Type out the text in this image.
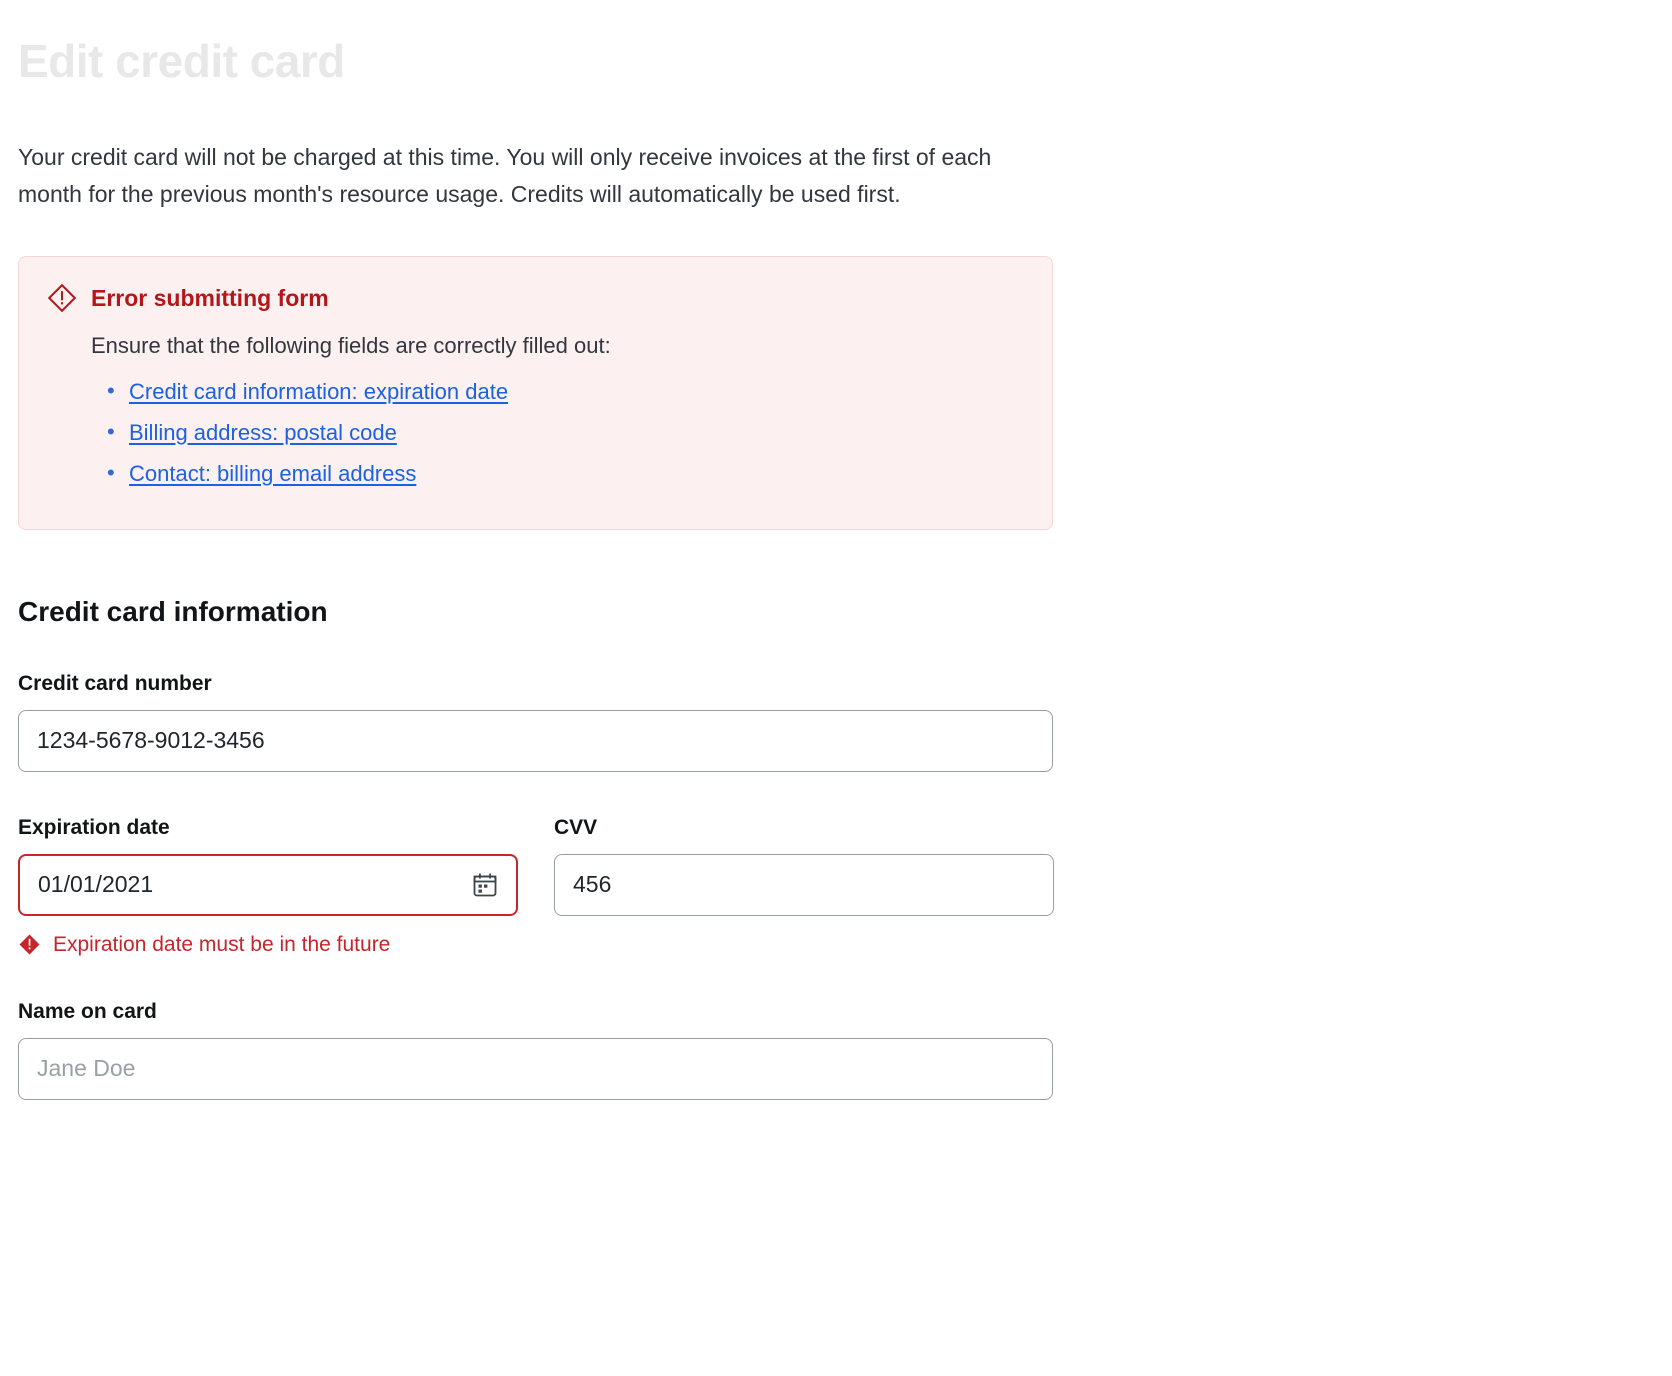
Edit credit card

Your credit card will not be charged at this time. You will only receive invoices at the first of each month for the previous month's resource usage. Credits will automatically be used first.

Error submitting form
Ensure that the following fields are correctly filled out:
• Credit card information: expiration date
• Billing address: postal code
• Contact: billing email address
Credit card information
Credit card number
1234-5678-9012-3456
Expiration date
01/01/2021
Expiration date must be in the future
CVV
456
Name on card
Jane Doe
